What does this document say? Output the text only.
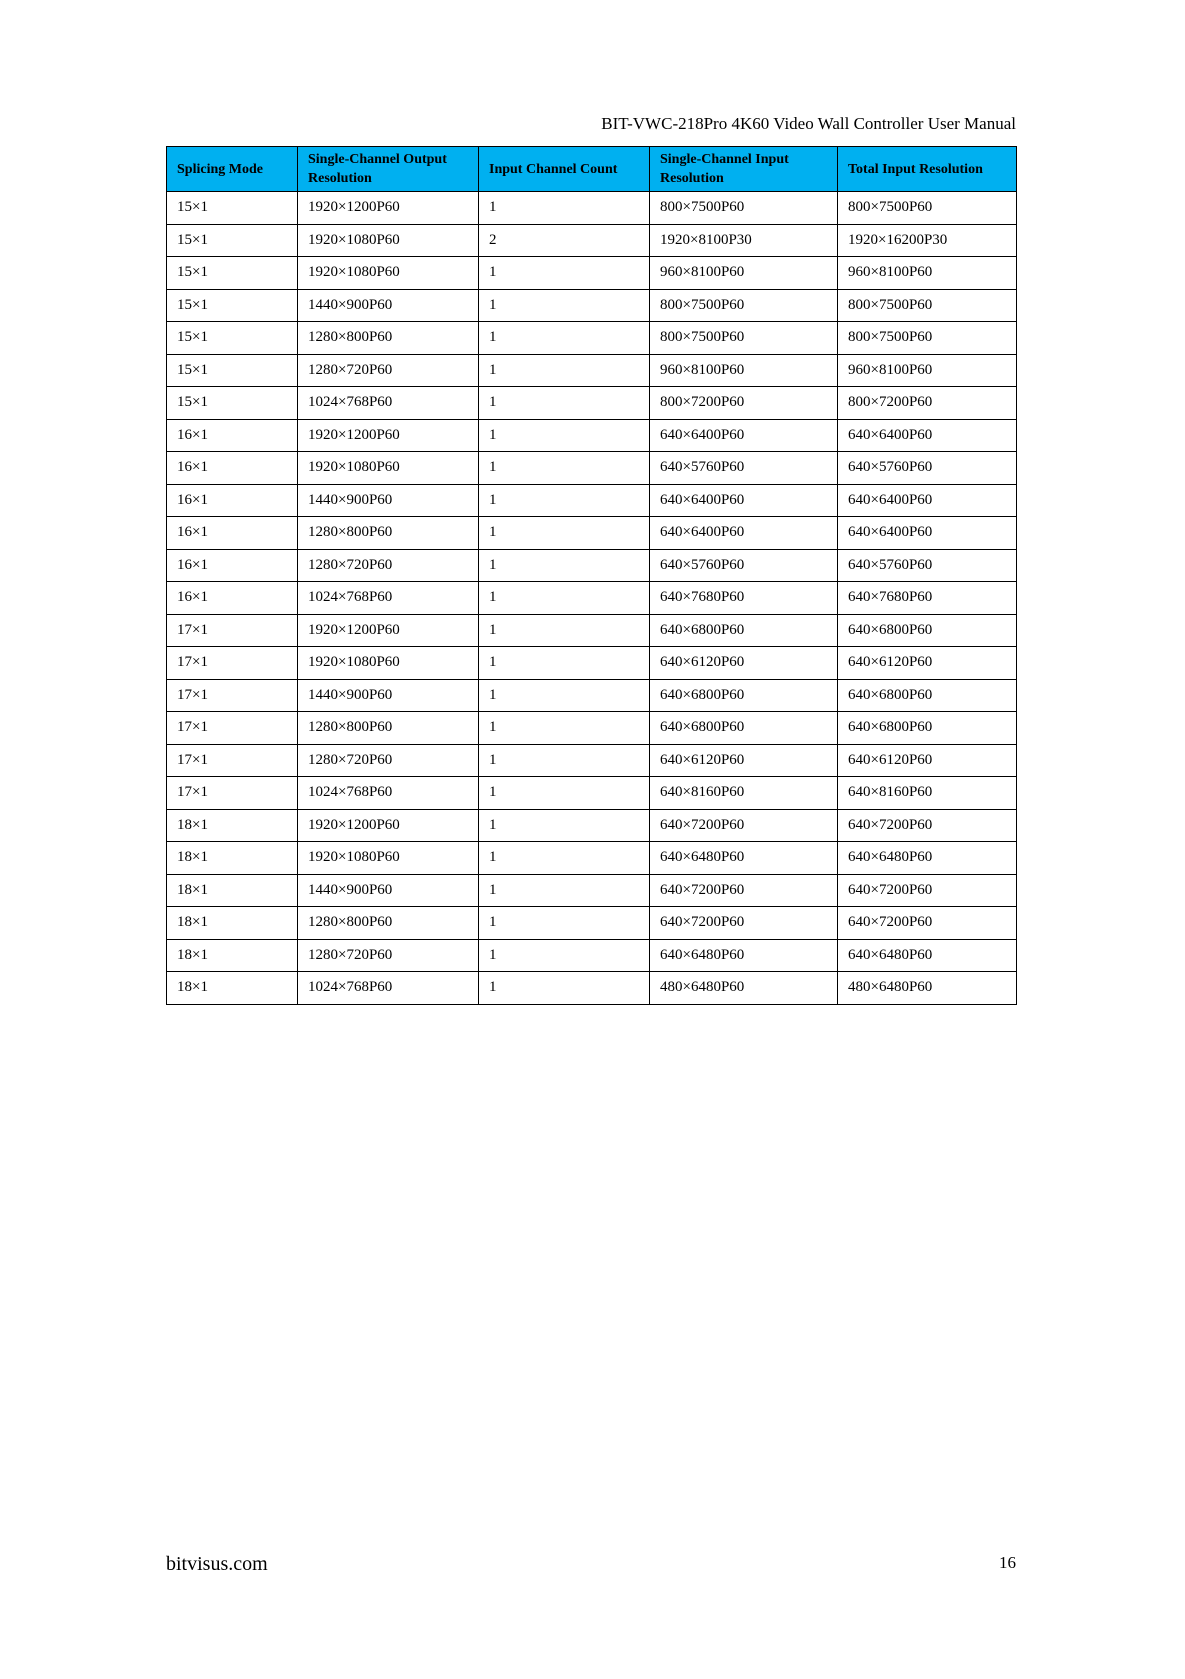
BIT-VWC-218Pro 4K60 Video Wall Controller User Manual
Splicing Mode	Single-Channel Output Resolution	Input Channel Count	Single-Channel Input Resolution	Total Input Resolution
15×1	1920×1200P60	1	800×7500P60	800×7500P60
15×1	1920×1080P60	2	1920×8100P30	1920×16200P30
15×1	1920×1080P60	1	960×8100P60	960×8100P60
15×1	1440×900P60	1	800×7500P60	800×7500P60
15×1	1280×800P60	1	800×7500P60	800×7500P60
15×1	1280×720P60	1	960×8100P60	960×8100P60
15×1	1024×768P60	1	800×7200P60	800×7200P60
16×1	1920×1200P60	1	640×6400P60	640×6400P60
16×1	1920×1080P60	1	640×5760P60	640×5760P60
16×1	1440×900P60	1	640×6400P60	640×6400P60
16×1	1280×800P60	1	640×6400P60	640×6400P60
16×1	1280×720P60	1	640×5760P60	640×5760P60
16×1	1024×768P60	1	640×7680P60	640×7680P60
17×1	1920×1200P60	1	640×6800P60	640×6800P60
17×1	1920×1080P60	1	640×6120P60	640×6120P60
17×1	1440×900P60	1	640×6800P60	640×6800P60
17×1	1280×800P60	1	640×6800P60	640×6800P60
17×1	1280×720P60	1	640×6120P60	640×6120P60
17×1	1024×768P60	1	640×8160P60	640×8160P60
18×1	1920×1200P60	1	640×7200P60	640×7200P60
18×1	1920×1080P60	1	640×6480P60	640×6480P60
18×1	1440×900P60	1	640×7200P60	640×7200P60
18×1	1280×800P60	1	640×7200P60	640×7200P60
18×1	1280×720P60	1	640×6480P60	640×6480P60
18×1	1024×768P60	1	480×6480P60	480×6480P60
bitvisus.com	16
